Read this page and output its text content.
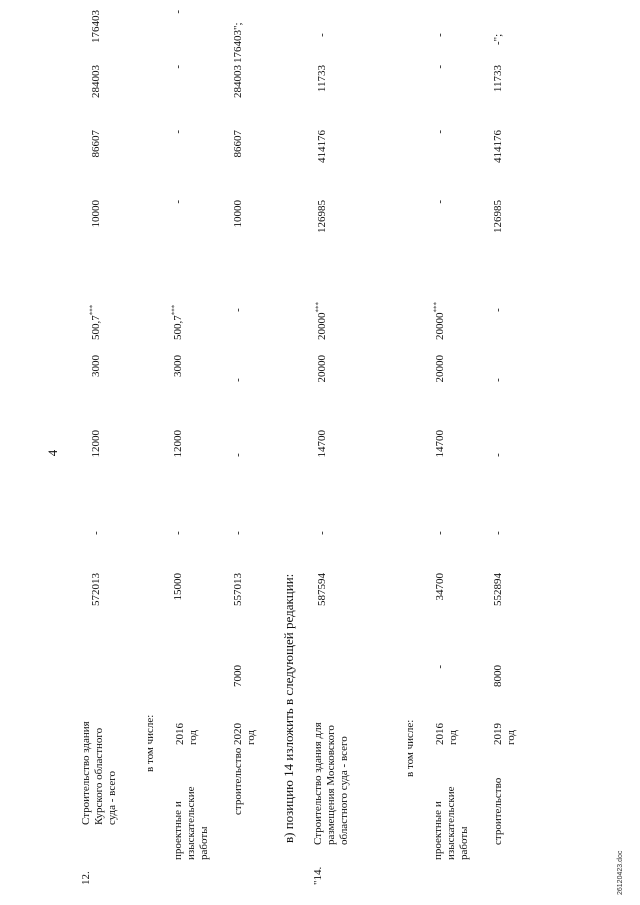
4
12.
Строительство здания Курского областного суда - всего
572013
-
12000
3000
500,7***
10000
86607
284003
176403
в том числе:
проектные и изыскательские работы
2016 год
15000
-
12000
3000
500,7***
-
-
-
-
строительство
2020 год
7000
557013
-
-
-
-
10000
86607
284003
176403";
в) позицию 14 изложить в следующей редакции:
"14.
Строительство здания для размещения Московского областного суда - всего
587594
-
14700
20000
20000***
126985
414176
11733
-
в том числе:
проектные и изыскательские работы
2016 год
-
34700
-
14700
20000
20000***
-
-
-
-
строительство
2019 год
8000
552894
-
-
-
-
126985
414176
11733
-";
26120423.doc
